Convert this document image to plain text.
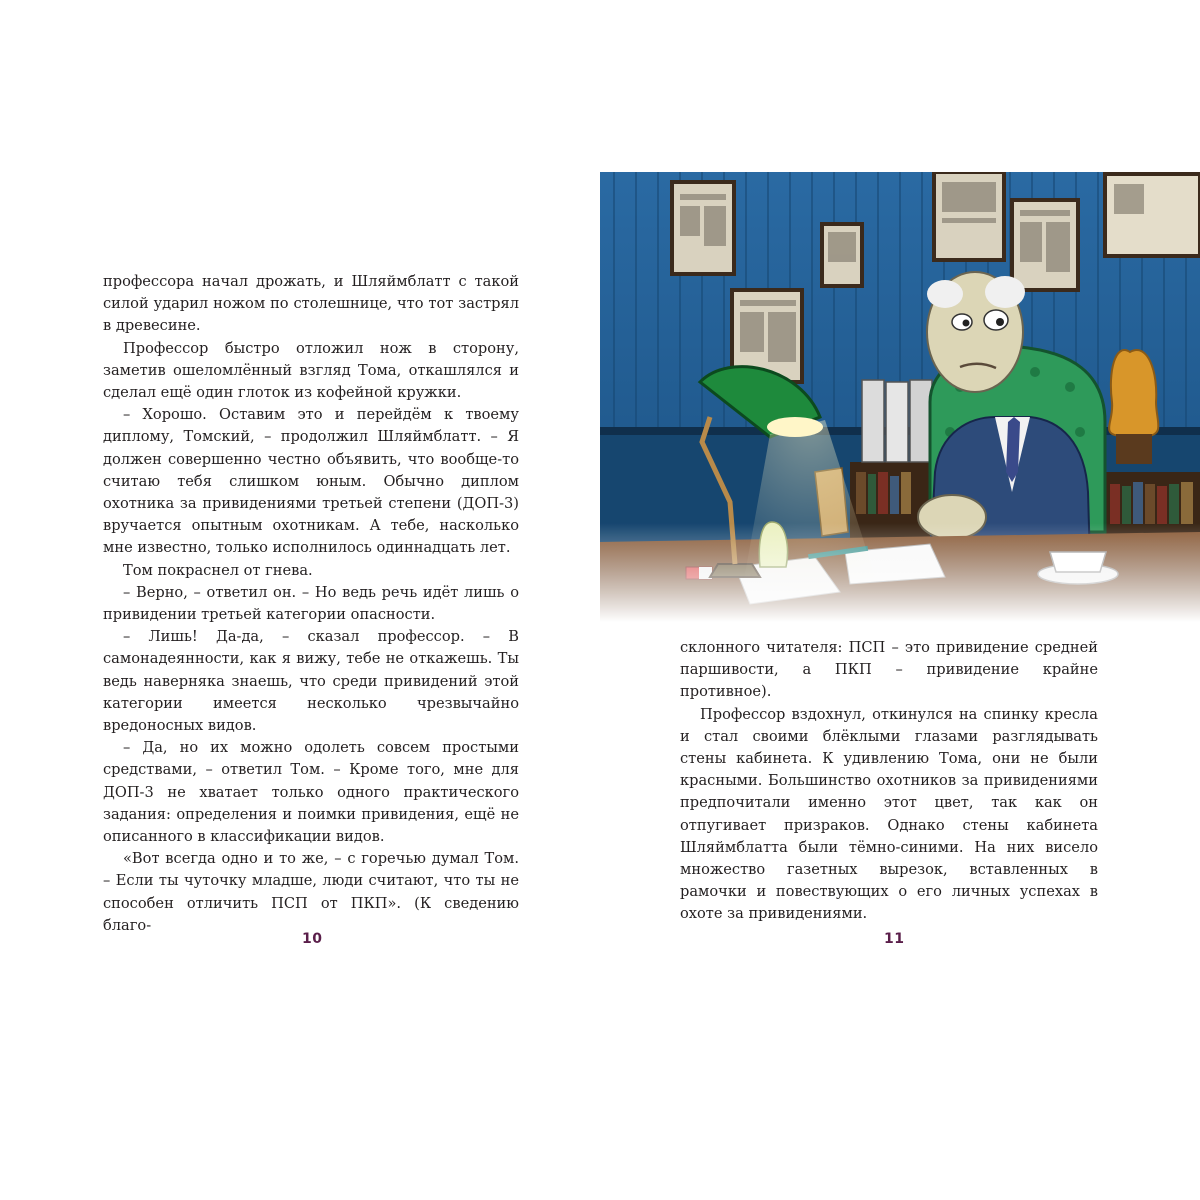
профессора начал дрожать, и Шляймблатт с такой силой ударил ножом по столешнице, что тот застрял в древесине.

Профессор быстро отложил нож в сторону, заметив ошеломлённый взгляд Тома, откашлялся и сделал ещё один глоток из кофейной кружки.

– Хорошо. Оставим это и перейдём к твоему диплому, Томский, – продолжил Шляймблатт. – Я должен совершенно честно объявить, что вообще-то считаю тебя слишком юным. Обычно диплом охотника за привидениями третьей степени (ДОП-3) вручается опытным охотникам. А тебе, насколько мне известно, только исполнилось одиннадцать лет.

Том покраснел от гнева.

– Верно, – ответил он. – Но ведь речь идёт лишь о привидении третьей категории опасности.

– Лишь! Да-да, – сказал профессор. – В самонадеянности, как я вижу, тебе не откажешь. Ты ведь наверняка знаешь, что среди привидений этой категории имеется несколько чрезвычайно вредоносных видов.

– Да, но их можно одолеть совсем простыми средствами, – ответил Том. – Кроме того, мне для ДОП-3 не хватает только одного практического задания: определения и поимки привидения, ещё не описанного в классификации видов.

«Вот всегда одно и то же, – с горечью думал Том. – Если ты чуточку младше, люди считают, что ты не способен отличить ПСП от ПКП». (К сведению благо-

10

склонного читателя: ПСП – это привидение средней паршивости, а ПКП – привидение крайне противное).

Профессор вздохнул, откинулся на спинку кресла и стал своими блёклыми глазами разглядывать стены кабинета. К удивлению Тома, они не были красными. Большинство охотников за привидениями предпочитали именно этот цвет, так как он отпугивает призраков. Однако стены кабинета Шляймблатта были тёмно-синими. На них висело множество газетных вырезок, вставленных в рамочки и повествующих о его личных успехах в охоте за привидениями.

11
